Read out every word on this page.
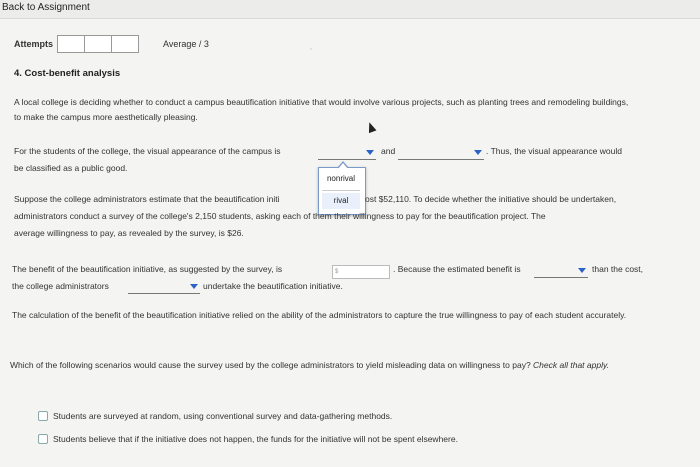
Back to Assignment
Attempts	Average / 3	,
4. Cost-benefit analysis
A local college is deciding whether to conduct a campus beautification initiative that would involve various projects, such as planting trees and remodeling buildings, to make the campus more aesthetically pleasing.
For the students of the college, the visual appearance of the campus is	and	. Thus, the visual appearance would
be classified as a public good.
nonrival
rival
Suppose the college administrators estimate that the beautification initi	ost $52,110. To decide whether the initiative should be undertaken,
administrators conduct a survey of the college's 2,150 students, asking each of them their willingness to pay for the beautification project. The
average willingness to pay, as revealed by the survey, is $26.
The benefit of the beautification initiative, as suggested by the survey, is	$	. Because the estimated benefit is	than the cost,
the college administrators	undertake the beautification initiative.
The calculation of the benefit of the beautification initiative relied on the ability of the administrators to capture the true willingness to pay of each student accurately.
Which of the following scenarios would cause the survey used by the college administrators to yield misleading data on willingness to pay? Check all that apply.
Students are surveyed at random, using conventional survey and data-gathering methods.
Students believe that if the initiative does not happen, the funds for the initiative will not be spent elsewhere.
